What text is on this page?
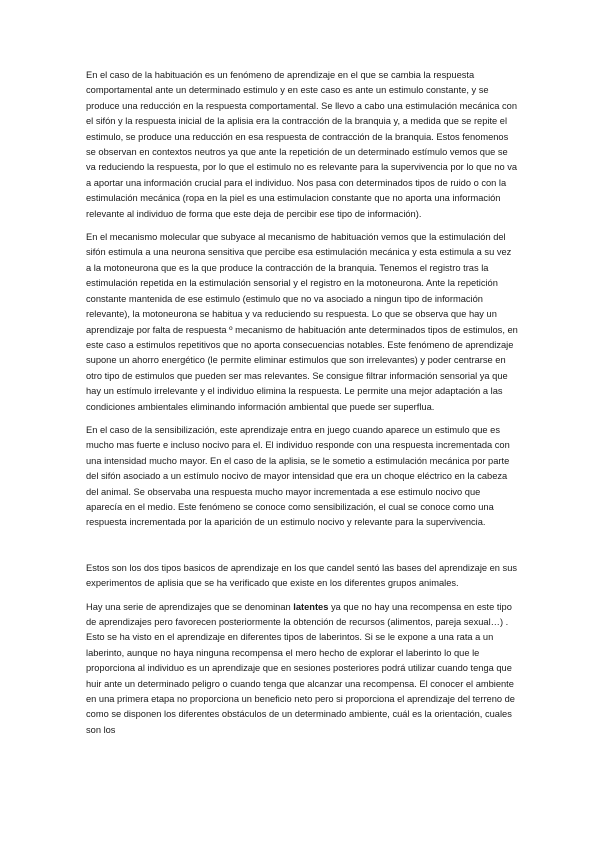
En el caso de la habituación es un fenómeno de aprendizaje en el que se cambia la respuesta comportamental ante un determinado estimulo y en este caso es ante un estimulo constante, y se produce una reducción en la respuesta comportamental. Se llevo a cabo una estimulación mecánica con el sifón y la respuesta inicial de la aplisia era la contracción de la branquia y, a medida que se repite el estimulo, se produce una reducción en esa respuesta de contracción de la branquia. Estos fenomenos se observan en contextos neutros ya que ante la repetición de un determinado estímulo vemos que se va reduciendo la respuesta, por lo que el estimulo no es relevante para la supervivencia por lo que no va a aportar una información crucial para el individuo. Nos pasa con determinados tipos de ruido o con la estimulación mecánica (ropa en la piel es una estimulacion constante que no aporta una información relevante al individuo de forma que este deja de percibir ese tipo de información).

En el mecanismo molecular que subyace al mecanismo de habituación vemos que la estimulación del sifón estimula a una neurona sensitiva que percibe esa estimulación mecánica y esta estimula a su vez a la motoneurona que es la que produce la contracción de la branquia. Tenemos el registro tras la estimulación repetida en la estimulación sensorial y el registro en la motoneurona. Ante la repetición constante mantenida de ese estimulo (estimulo que no va asociado a ningun tipo de información relevante), la motoneurona se habitua y va reduciendo su respuesta. Lo que se observa que hay un aprendizaje por falta de respuesta º mecanismo de habituación ante determinados tipos de estimulos, en este caso a estimulos repetitivos que no aporta consecuencias notables. Este fenómeno de aprendizaje supone un ahorro energético (le permite eliminar estimulos que son irrelevantes) y poder centrarse en otro tipo de estimulos que pueden ser mas relevantes. Se consigue filtrar información sensorial ya que hay un estímulo irrelevante y el individuo elimina la respuesta. Le permite una mejor adaptación a las condiciones ambientales eliminando información ambiental que puede ser superflua.

En el caso de la sensibilización, este aprendizaje entra en juego cuando aparece un estimulo que es mucho mas fuerte e incluso nocivo para el. El individuo responde con una respuesta incrementada con una intensidad mucho mayor. En el caso de la aplisia, se le sometio a estimulación mecánica por parte del sifón asociado a un estímulo nocivo de mayor intensidad que era un choque eléctrico en la cabeza del animal. Se observaba una respuesta mucho mayor incrementada a ese estimulo nocivo que aparecía en el medio. Este fenómeno se conoce como sensibilización, el cual se conoce como una respuesta incrementada por la aparición de un estimulo nocivo y relevante para la supervivencia.

Estos son los dos tipos basicos de aprendizaje en los que candel sentó las bases del aprendizaje en sus experimentos de aplisia que se ha verificado que existe en los diferentes grupos animales.

Hay una serie de aprendizajes que se denominan latentes ya que no hay una recompensa en este tipo de aprendizajes pero favorecen posteriormente la obtención de recursos (alimentos, pareja sexual…) . Esto se ha visto en el aprendizaje en diferentes tipos de laberintos. Si se le expone a una rata a un laberinto, aunque no haya ninguna recompensa el mero hecho de explorar el laberinto lo que le proporciona al individuo es un aprendizaje que en sesiones posteriores podrá utilizar cuando tenga que huir ante un determinado peligro o cuando tenga que alcanzar una recompensa. El conocer el ambiente en una primera etapa no proporciona un beneficio neto pero si proporciona el aprendizaje del terreno de como se disponen los diferentes obstáculos de un determinado ambiente, cuál es la orientación, cuales son los
